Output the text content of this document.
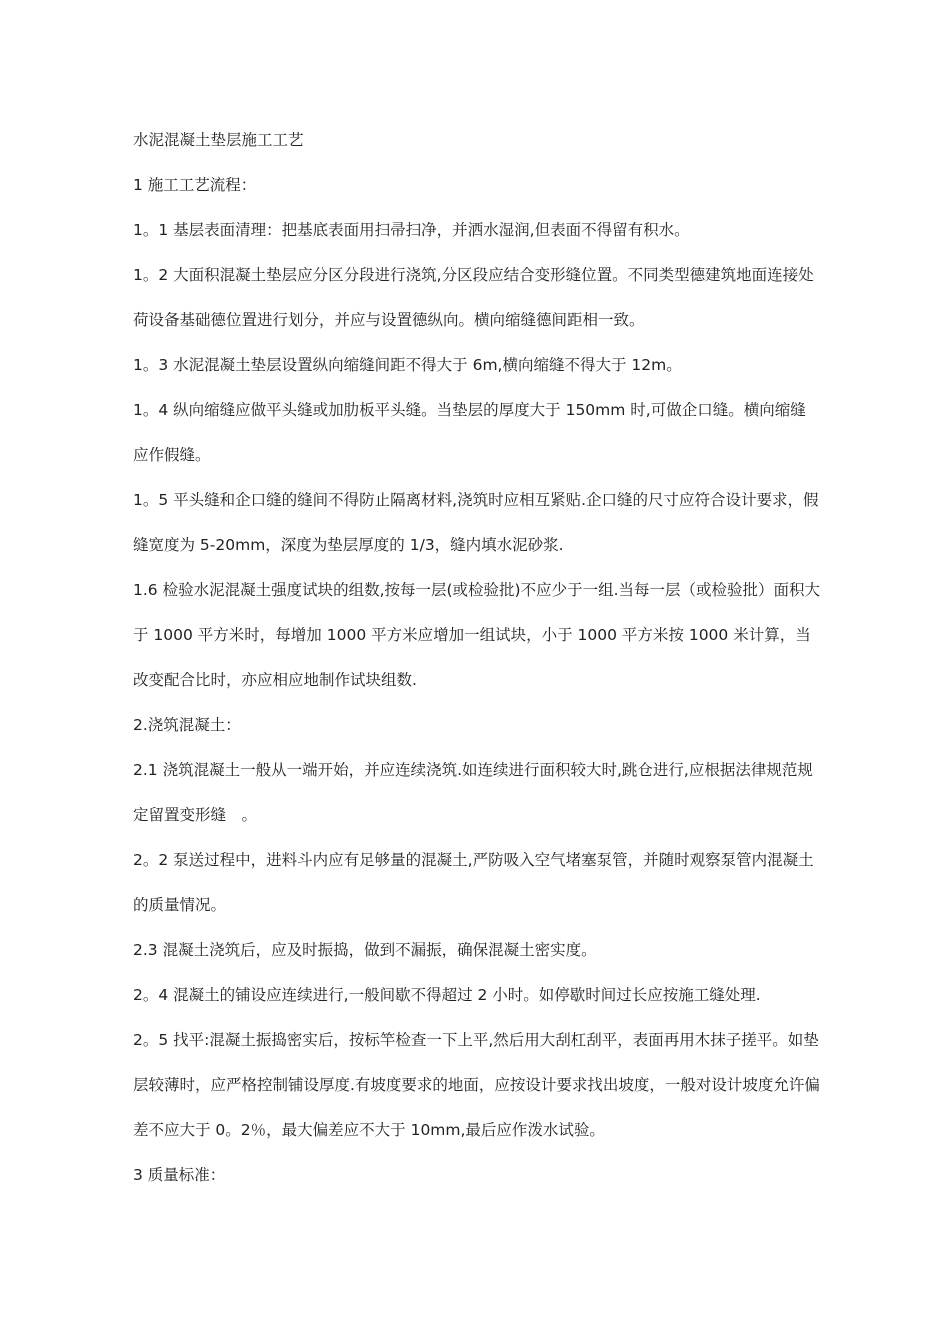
水泥混凝土垫层施工工艺

1 施工工艺流程：

1。1 基层表面清理：把基底表面用扫帚扫净，并洒水湿润,但表面不得留有积水。

1。2 大面积混凝土垫层应分区分段进行浇筑,分区段应结合变形缝位置。不同类型德建筑地面连接处荷设备基础德位置进行划分，并应与设置德纵向。横向缩缝德间距相一致。

1。3 水泥混凝土垫层设置纵向缩缝间距不得大于 6m,横向缩缝不得大于 12m。

1。4 纵向缩缝应做平头缝或加肋板平头缝。当垫层的厚度大于 150mm 时,可做企口缝。横向缩缝应作假缝。

1。5 平头缝和企口缝的缝间不得防止隔离材料,浇筑时应相互紧贴.企口缝的尺寸应符合设计要求，假缝宽度为 5-20mm，深度为垫层厚度的 1/3，缝内填水泥砂浆.

1.6 检验水泥混凝土强度试块的组数,按每一层(或检验批)不应少于一组.当每一层（或检验批）面积大于 1000 平方米时，每增加 1000 平方米应增加一组试块，小于 1000 平方米按 1000 米计算，当改变配合比时，亦应相应地制作试块组数.

2.浇筑混凝土：

2.1 浇筑混凝土一般从一端开始，并应连续浇筑.如连续进行面积较大时,跳仓进行,应根据法律规范规定留置变形缝　。

2。2 泵送过程中，进料斗内应有足够量的混凝土,严防吸入空气堵塞泵管，并随时观察泵管内混凝土的质量情况。

2.3 混凝土浇筑后，应及时振捣，做到不漏振，确保混凝土密实度。

2。4 混凝土的铺设应连续进行,一般间歇不得超过 2 小时。如停歇时间过长应按施工缝处理.

2。5 找平:混凝土振捣密实后，按标竿检查一下上平,然后用大刮杠刮平，表面再用木抹子搓平。如垫层较薄时，应严格控制铺设厚度.有坡度要求的地面，应按设计要求找出坡度，一般对设计坡度允许偏差不应大于 0。2％，最大偏差应不大于 10mm,最后应作泼水试验。

3 质量标准：
